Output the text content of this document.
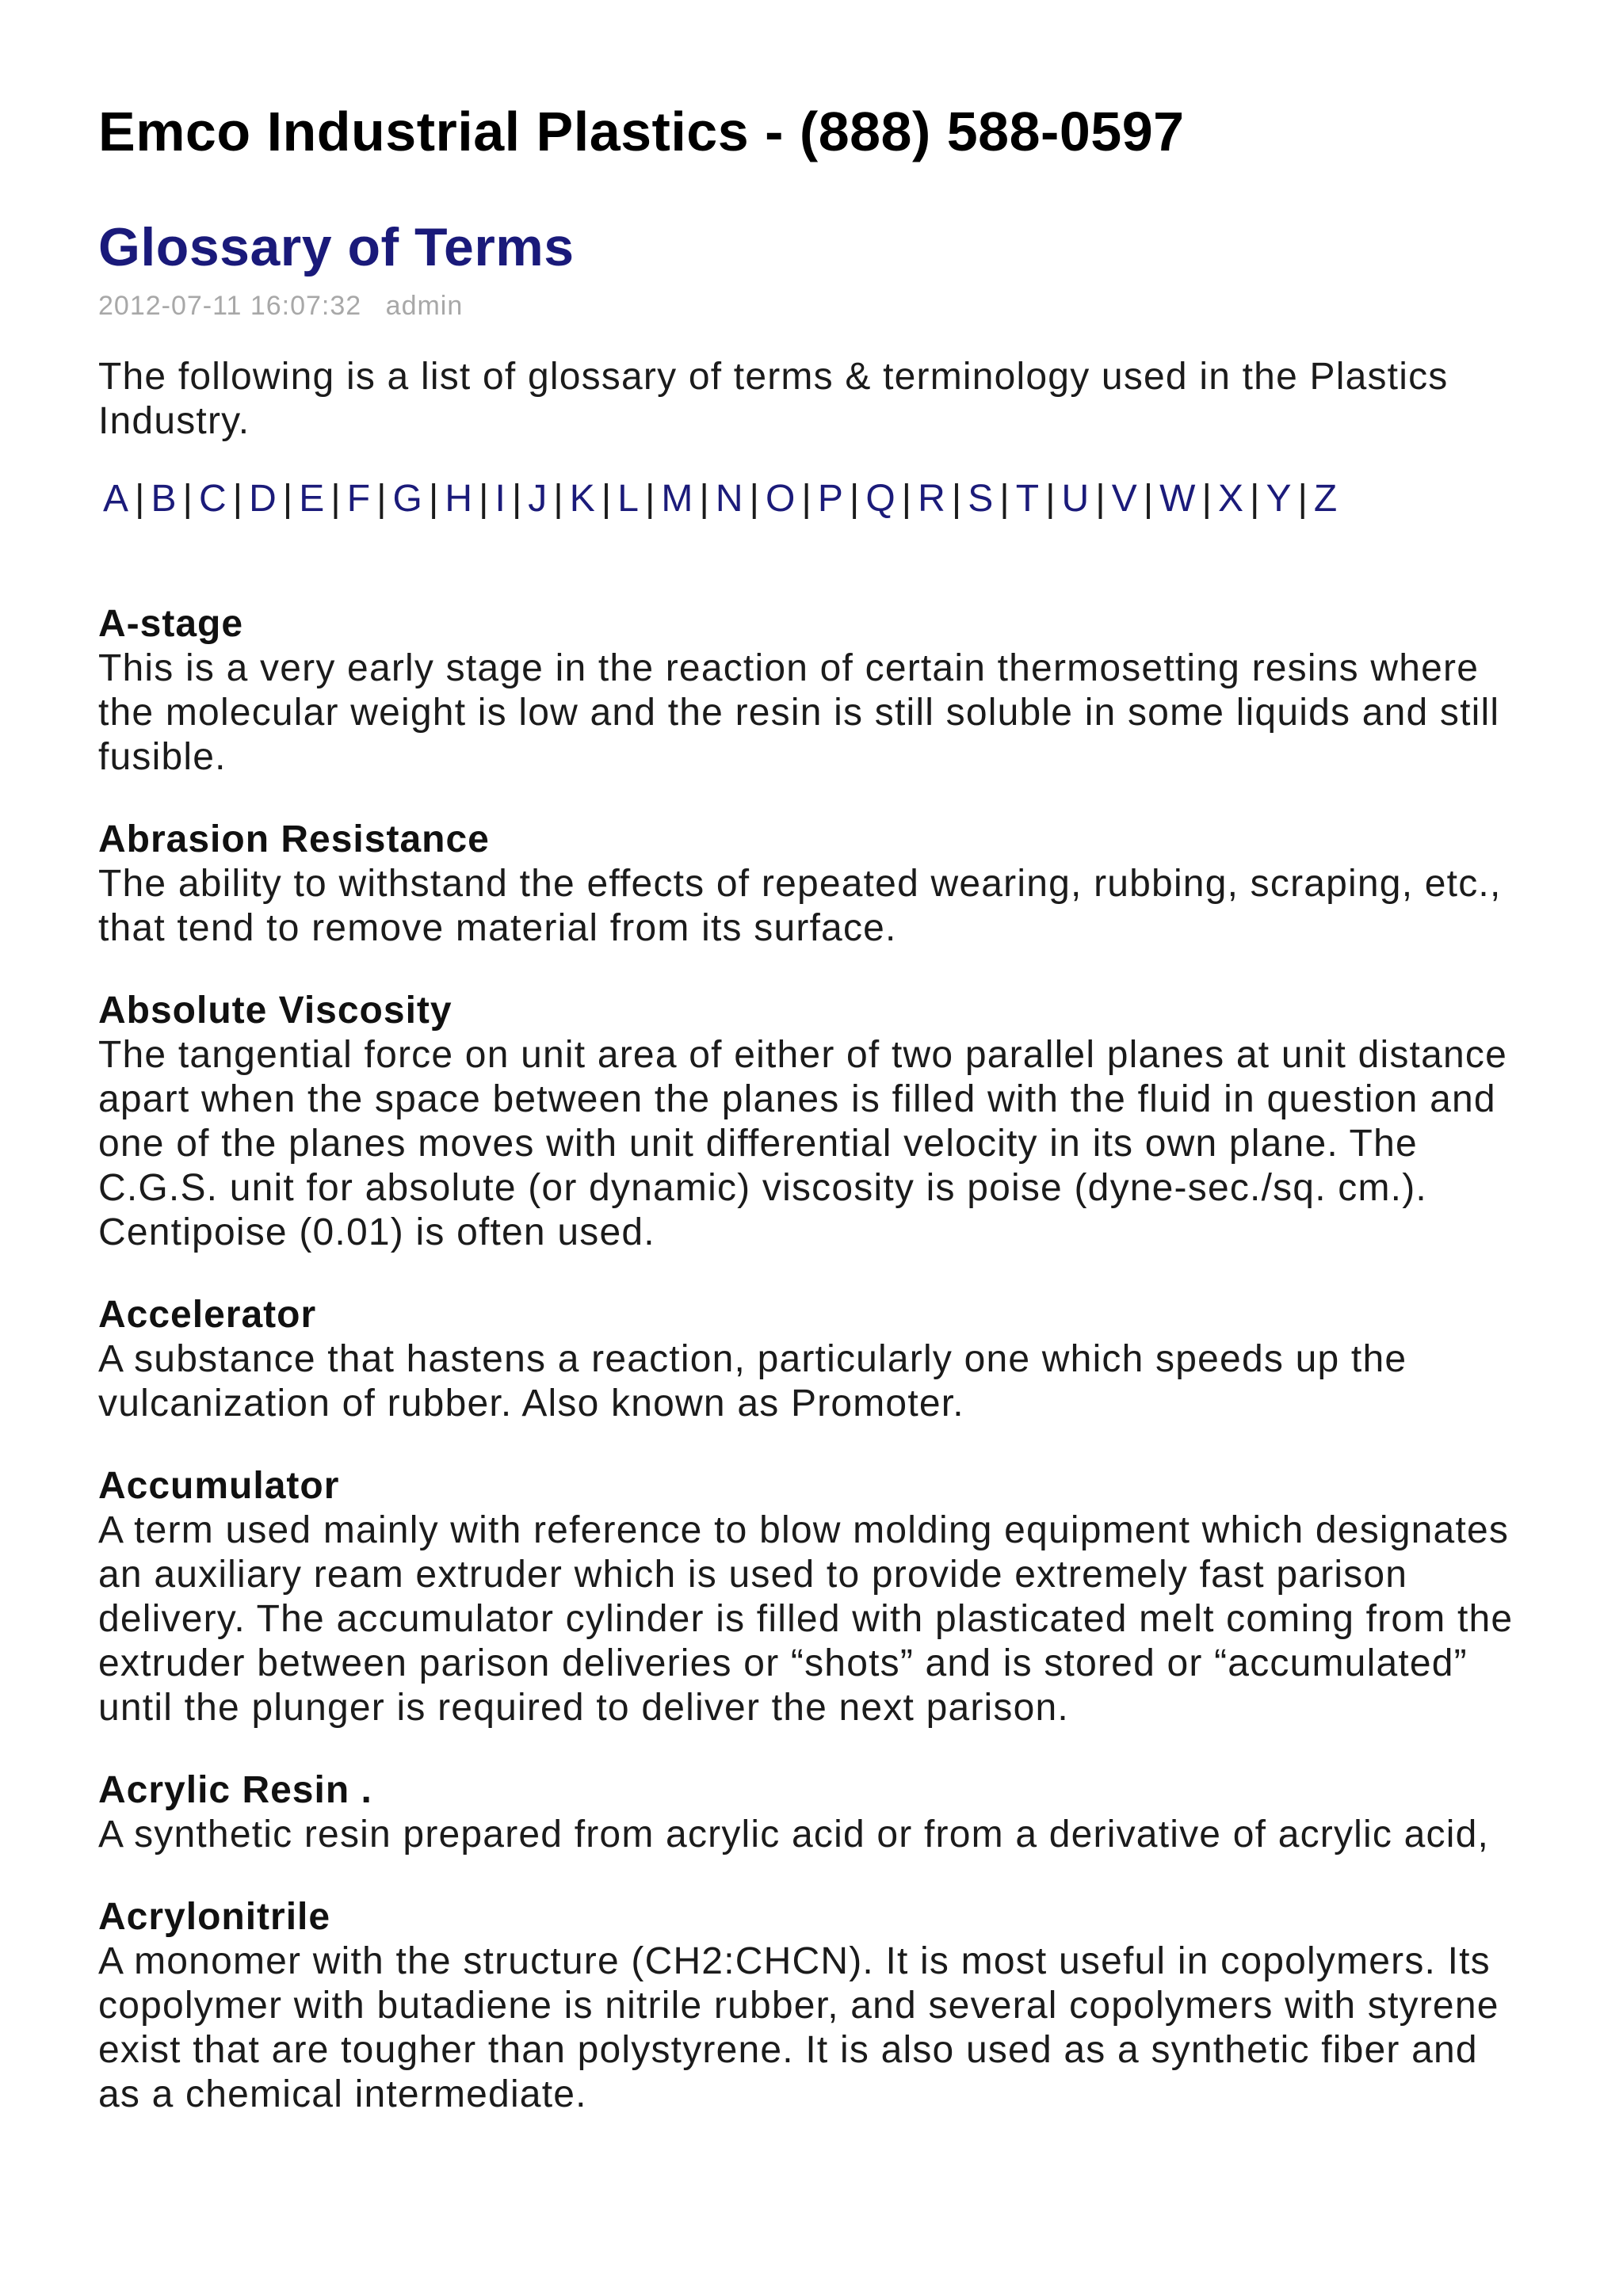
Emco Industrial Plastics - (888) 588-0597
Glossary of Terms
2012-07-11 16:07:32 admin

The following is a list of glossary of terms & terminology used in the Plastics Industry.

A | B | C | D | E | F | G | H | I | J | K | L | M | N | O | P | Q | R | S | T | U | V | W | X | Y | Z

A-stage

This is a very early stage in the reaction of certain thermosetting resins where the molecular weight is low and the resin is still soluble in some liquids and still fusible.

Abrasion Resistance

The ability to withstand the effects of repeated wearing, rubbing, scraping, etc., that tend to remove material from its surface.

Absolute Viscosity

The tangential force on unit area of either of two parallel planes at unit distance apart when the space between the planes is filled with the fluid in question and one of the planes moves with unit differential velocity in its own plane. The C.G.S. unit for absolute (or dynamic) viscosity is poise (dyne-sec./sq. cm.). Centipoise (0.01) is often used.

Accelerator

A substance that hastens a reaction, particularly one which speeds up the vulcanization of rubber. Also known as Promoter.

Accumulator

A term used mainly with reference to blow molding equipment which designates an auxiliary ream extruder which is used to provide extremely fast parison delivery. The accumulator cylinder is filled with plasticated melt coming from the extruder between parison deliveries or “shots” and is stored or “accumulated” until the plunger is required to deliver the next parison.

Acrylic Resin .

A synthetic resin prepared from acrylic acid or from a derivative of acrylic acid,

Acrylonitrile

A monomer with the structure (CH2:CHCN). It is most useful in copolymers. Its copolymer with butadiene is nitrile rubber, and several copolymers with styrene exist that are tougher than polystyrene. It is also used as a synthetic fiber and as a chemical intermediate.
